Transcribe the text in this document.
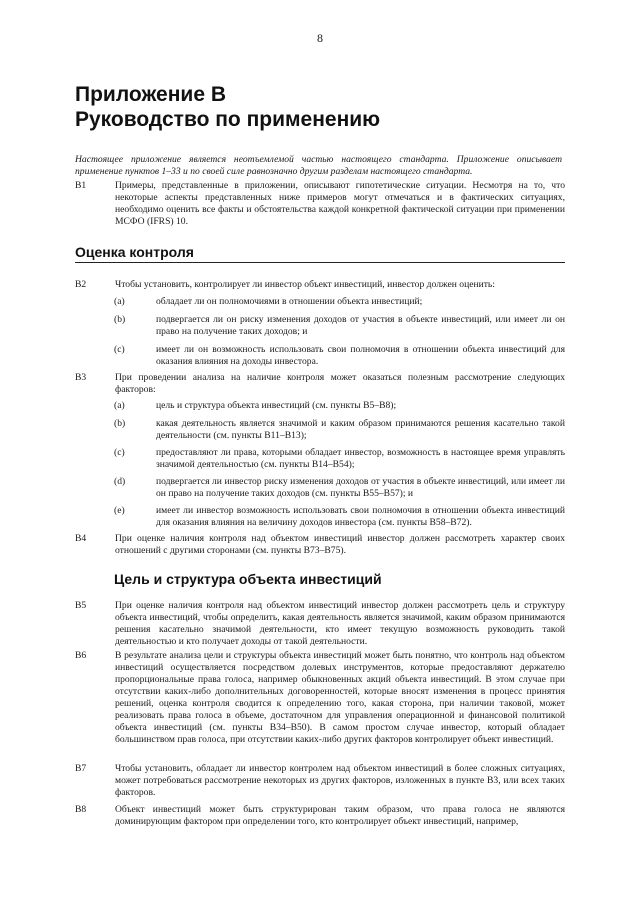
8
Приложение В
Руководство по применению
Настоящее приложение является неотъемлемой частью настоящего стандарта. Приложение описывает применение пунктов 1–33 и по своей силе равнозначно другим разделам настоящего стандарта.
B1	Примеры, представленные в приложении, описывают гипотетические ситуации. Несмотря на то, что некоторые аспекты представленных ниже примеров могут отмечаться и в фактических ситуациях, необходимо оценить все факты и обстоятельства каждой конкретной фактической ситуации при применении МСФО (IFRS) 10.
Оценка контроля
B2	Чтобы установить, контролирует ли инвестор объект инвестиций, инвестор должен оценить:
(a)	обладает ли он полномочиями в отношении объекта инвестиций;
(b)	подвергается ли он риску изменения доходов от участия в объекте инвестиций, или имеет ли он право на получение таких доходов; и
(c)	имеет ли он возможность использовать свои полномочия в отношении объекта инвестиций для оказания влияния на доходы инвестора.
B3	При проведении анализа на наличие контроля может оказаться полезным рассмотрение следующих факторов:
(a)	цель и структура объекта инвестиций (см. пункты B5–B8);
(b)	какая деятельность является значимой и каким образом принимаются решения касательно такой деятельности (см. пункты B11–B13);
(c)	предоставляют ли права, которыми обладает инвестор, возможность в настоящее время управлять значимой деятельностью (см. пункты B14–B54);
(d)	подвергается ли инвестор риску изменения доходов от участия в объекте инвестиций, или имеет ли он право на получение таких доходов (см. пункты B55–B57); и
(e)	имеет ли инвестор возможность использовать свои полномочия в отношении объекта инвестиций для оказания влияния на величину доходов инвестора (см. пункты B58–B72).
B4	При оценке наличия контроля над объектом инвестиций инвестор должен рассмотреть характер своих отношений с другими сторонами (см. пункты B73–B75).
Цель и структура объекта инвестиций
B5	При оценке наличия контроля над объектом инвестиций инвестор должен рассмотреть цель и структуру объекта инвестиций, чтобы определить, какая деятельность является значимой, каким образом принимаются решения касательно значимой деятельности, кто имеет текущую возможность руководить такой деятельностью и кто получает доходы от такой деятельности.
B6	В результате анализа цели и структуры объекта инвестиций может быть понятно, что контроль над объектом инвестиций осуществляется посредством долевых инструментов, которые предоставляют держателю пропорциональные права голоса, например обыкновенных акций объекта инвестиций. В этом случае при отсутствии каких-либо дополнительных договоренностей, которые вносят изменения в процесс принятия решений, оценка контроля сводится к определению того, какая сторона, при наличии таковой, может реализовать права голоса в объеме, достаточном для управления операционной и финансовой политикой объекта инвестиций (см. пункты B34–B50). В самом простом случае инвестор, который обладает большинством прав голоса, при отсутствии каких-либо других факторов контролирует объект инвестиций.
B7	Чтобы установить, обладает ли инвестор контролем над объектом инвестиций в более сложных ситуациях, может потребоваться рассмотрение некоторых из других факторов, изложенных в пункте B3, или всех таких факторов.
B8	Объект инвестиций может быть структурирован таким образом, что права голоса не являются доминирующим фактором при определении того, кто контролирует объект инвестиций, например,
